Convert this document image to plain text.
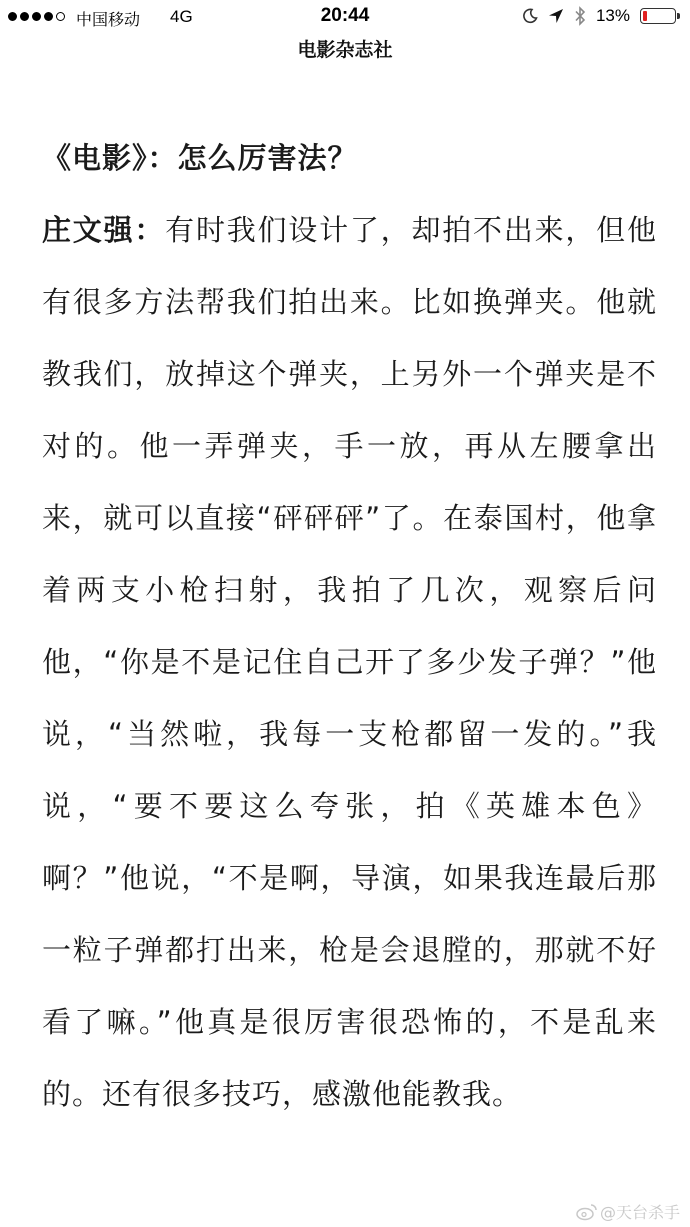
中国移动 4G	20:44	13%
电影杂志社

《电影》：怎么厉害法？

庄文强：有时我们设计了，却拍不出来，但他有很多方法帮我们拍出来。比如换弹夹。他就教我们，放掉这个弹夹，上另外一个弹夹是不对的。他一弄弹夹，手一放，再从左腰拿出来，就可以直接“砰砰砰”了。在泰国村，他拿着两支小枪扫射，我拍了几次，观察后问他，“你是不是记住自己开了多少发子弹？”他说，“当然啦，我每一支枪都留一发的。”我说，“要不要这么夸张，拍《英雄本色》啊？”他说，“不是啊，导演，如果我连最后那一粒子弹都打出来，枪是会退膛的，那就不好看了嘛。”他真是很厉害很恐怖的，不是乱来的。还有很多技巧，感激他能教我。

@天台杀手
